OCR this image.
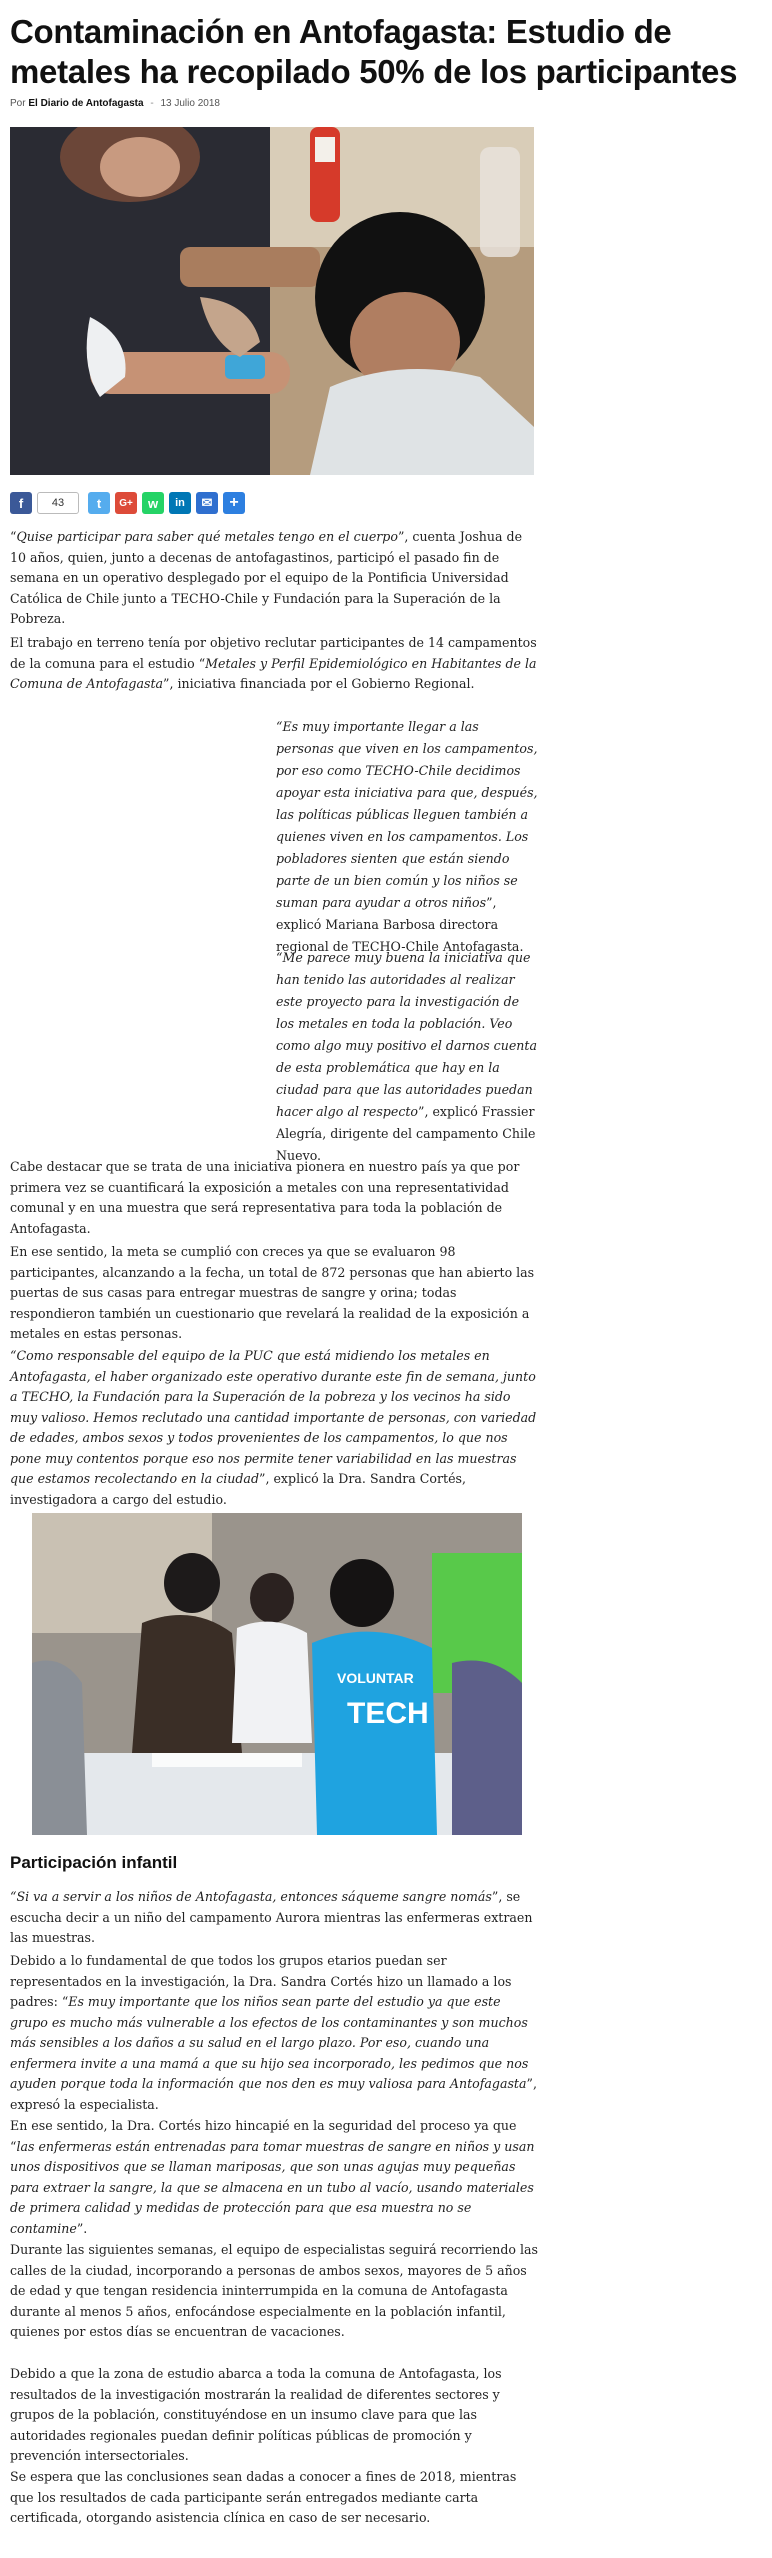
Contaminación en Antofagasta: Estudio de metales ha recopilado 50% de los participantes
Por El Diario de Antofagasta - 13 Julio 2018
f	43	t	G+	w	in	✉	+

“Quise participar para saber qué metales tengo en el cuerpo”, cuenta Joshua de 10 años, quien, junto a decenas de antofagastinos, participó el pasado fin de semana en un operativo desplegado por el equipo de la Pontificia Universidad Católica de Chile junto a TECHO-Chile y Fundación para la Superación de la Pobreza.

El trabajo en terreno tenía por objetivo reclutar participantes de 14 campamentos de la comuna para el estudio “Metales y Perfil Epidemiológico en Habitantes de la Comuna de Antofagasta”, iniciativa financiada por el Gobierno Regional.

“Es muy importante llegar a las personas que viven en los campamentos, por eso como TECHO-Chile decidimos apoyar esta iniciativa para que, después, las políticas públicas lleguen también a quienes viven en los campamentos. Los pobladores sienten que están siendo parte de un bien común y los niños se suman para ayudar a otros niños”, explicó Mariana Barbosa directora regional de TECHO-Chile Antofagasta.

“Me parece muy buena la iniciativa que han tenido las autoridades al realizar este proyecto para la investigación de los metales en toda la población. Veo como algo muy positivo el darnos cuenta de esta problemática que hay en la ciudad para que las autoridades puedan hacer algo al respecto”, explicó Frassier Alegría, dirigente del campamento Chile Nuevo.

Cabe destacar que se trata de una iniciativa pionera en nuestro país ya que por primera vez se cuantificará la exposición a metales con una representatividad comunal y en una muestra que será representativa para toda la población de Antofagasta.

En ese sentido, la meta se cumplió con creces ya que se evaluaron 98 participantes, alcanzando a la fecha, un total de 872 personas que han abierto las puertas de sus casas para entregar muestras de sangre y orina; todas respondieron también un cuestionario que revelará la realidad de la exposición a metales en estas personas.

“Como responsable del equipo de la PUC que está midiendo los metales en Antofagasta, el haber organizado este operativo durante este fin de semana, junto a TECHO, la Fundación para la Superación de la pobreza y los vecinos ha sido muy valioso. Hemos reclutado una cantidad importante de personas, con variedad de edades, ambos sexos y todos provenientes de los campamentos, lo que nos pone muy contentos porque eso nos permite tener variabilidad en las muestras que estamos recolectando en la ciudad”, explicó la Dra. Sandra Cortés, investigadora a cargo del estudio.

VOLUNTAR
TECH
Participación infantil

“Si va a servir a los niños de Antofagasta, entonces sáqueme sangre nomás”, se escucha decir a un niño del campamento Aurora mientras las enfermeras extraen las muestras.

Debido a lo fundamental de que todos los grupos etarios puedan ser representados en la investigación, la Dra. Sandra Cortés hizo un llamado a los padres: “Es muy importante que los niños sean parte del estudio ya que este grupo es mucho más vulnerable a los efectos de los contaminantes y son muchos más sensibles a los daños a su salud en el largo plazo. Por eso, cuando una enfermera invite a una mamá a que su hijo sea incorporado, les pedimos que nos ayuden porque toda la información que nos den es muy valiosa para Antofagasta”, expresó la especialista.

En ese sentido, la Dra. Cortés hizo hincapié en la seguridad del proceso ya que “las enfermeras están entrenadas para tomar muestras de sangre en niños y usan unos dispositivos que se llaman mariposas, que son unas agujas muy pequeñas para extraer la sangre, la que se almacena en un tubo al vacío, usando materiales de primera calidad y medidas de protección para que esa muestra no se contamine”.

Durante las siguientes semanas, el equipo de especialistas seguirá recorriendo las calles de la ciudad, incorporando a personas de ambos sexos, mayores de 5 años de edad y que tengan residencia ininterrumpida en la comuna de Antofagasta durante al menos 5 años, enfocándose especialmente en la población infantil, quienes por estos días se encuentran de vacaciones.

Debido a que la zona de estudio abarca a toda la comuna de Antofagasta, los resultados de la investigación mostrarán la realidad de diferentes sectores y grupos de la población, constituyéndose en un insumo clave para que las autoridades regionales puedan definir políticas públicas de promoción y prevención intersectoriales.

Se espera que las conclusiones sean dadas a conocer a fines de 2018, mientras que los resultados de cada participante serán entregados mediante carta certificada, otorgando asistencia clínica en caso de ser necesario.
